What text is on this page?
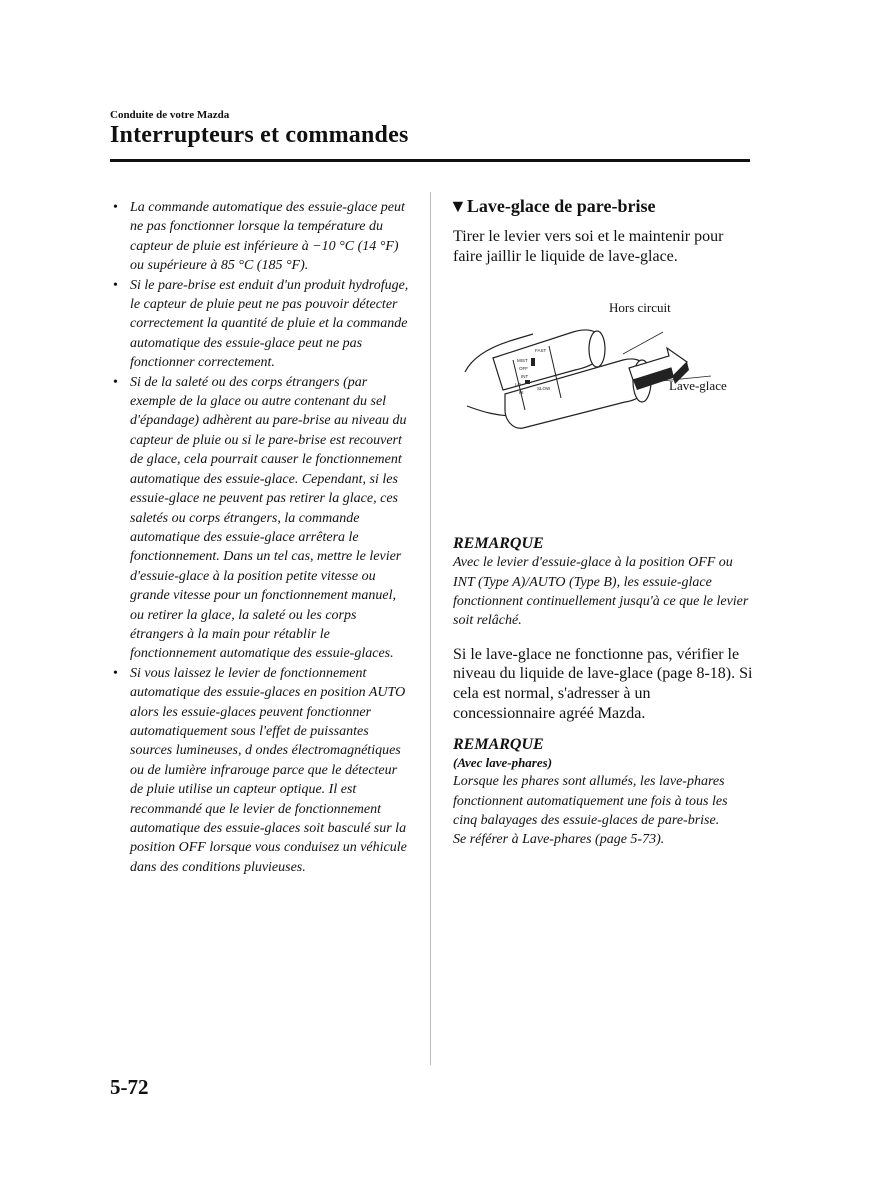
Conduite de votre Mazda
Interrupteurs et commandes
• La commande automatique des essuie-glace peut ne pas fonctionner lorsque la température du capteur de pluie est inférieure à −10 °C (14 °F) ou supérieure à 85 °C (185 °F).
• Si le pare-brise est enduit d'un produit hydrofuge, le capteur de pluie peut ne pas pouvoir détecter correctement la quantité de pluie et la commande automatique des essuie-glace peut ne pas fonctionner correctement.
• Si de la saleté ou des corps étrangers (par exemple de la glace ou autre contenant du sel d'épandage) adhèrent au pare-brise au niveau du capteur de pluie ou si le pare-brise est recouvert de glace, cela pourrait causer le fonctionnement automatique des essuie-glace. Cependant, si les essuie-glace ne peuvent pas retirer la glace, ces saletés ou corps étrangers, la commande automatique des essuie-glace arrêtera le fonctionnement. Dans un tel cas, mettre le levier d'essuie-glace à la position petite vitesse ou grande vitesse pour un fonctionnement manuel, ou retirer la glace, la saleté ou les corps étrangers à la main pour rétablir le fonctionnement automatique des essuie-glaces.
• Si vous laissez le levier de fonctionnement automatique des essuie-glaces en position AUTO alors les essuie-glaces peuvent fonctionner automatiquement sous l'effet de puissantes sources lumineuses, d ondes électromagnétiques ou de lumière infrarouge parce que le détecteur de pluie utilise un capteur optique. Il est recommandé que le levier de fonctionnement automatique des essuie-glaces soit basculé sur la position OFF lorsque vous conduisez un véhicule dans des conditions pluvieuses.
▼Lave-glace de pare-brise

Tirer le levier vers soi et le maintenir pour faire jaillir le liquide de lave-glace.

MIST
OFF
INT
FAST
SLOW
HI
LO
Hors circuit
Lave-glace

REMARQUE

Avec le levier d'essuie-glace à la position OFF ou INT (Type A)/AUTO (Type B), les essuie-glace fonctionnent continuellement jusqu'à ce que le levier soit relâché.

Si le lave-glace ne fonctionne pas, vérifier le niveau du liquide de lave-glace (page 8-18). Si cela est normal, s'adresser à un concessionnaire agréé Mazda.

REMARQUE

(Avec lave-phares)

Lorsque les phares sont allumés, les lave-phares fonctionnent automatiquement une fois à tous les cinq balayages des essuie-glaces de pare-brise.

Se référer à Lave-phares (page 5-73).

5-72
